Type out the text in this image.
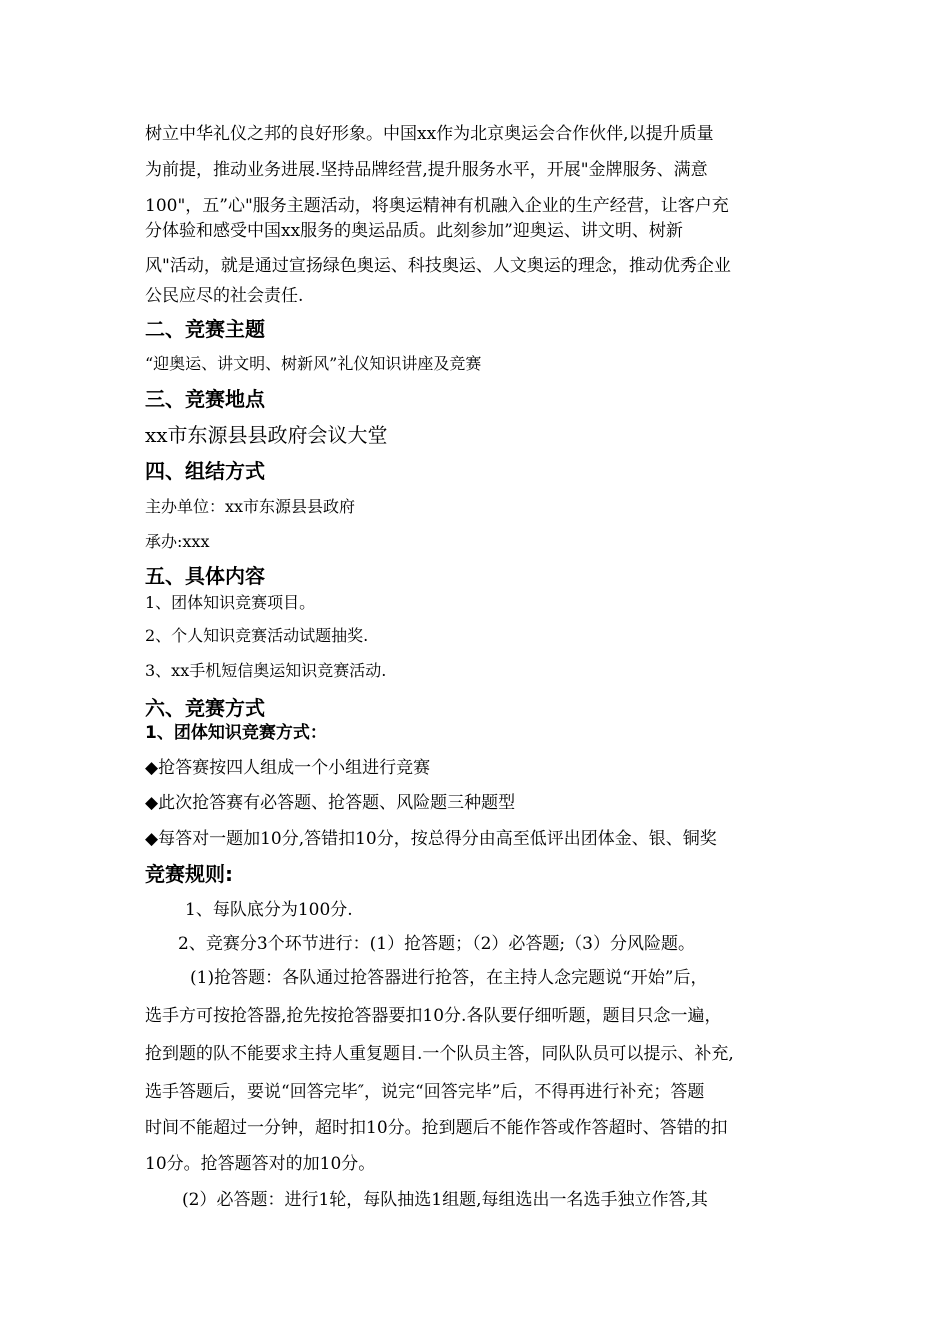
树立中华礼仪之邦的良好形象。中国xx作为北京奥运会合作伙伴,以提升质量
为前提，推动业务进展.坚持品牌经营,提升服务水平，开展"金牌服务、满意
100"，五”心"服务主题活动，将奥运精神有机融入企业的生产经营，让客户充
分体验和感受中国xx服务的奥运品质。此刻参加”迎奥运、讲文明、树新
风"活动，就是通过宣扬绿色奥运、科技奥运、人文奥运的理念，推动优秀企业
公民应尽的社会责任.
二、竞赛主题
“迎奥运、讲文明、树新风”礼仪知识讲座及竞赛
三、竞赛地点
xx市东源县县政府会议大堂
四、组结方式
主办单位：xx市东源县县政府
承办:xxx
五、具体内容
1、团体知识竞赛项目。
2、个人知识竞赛活动试题抽奖.
3、xx手机短信奥运知识竞赛活动.
六、竞赛方式
1、团体知识竞赛方式：
◆抢答赛按四人组成一个小组进行竞赛
◆此次抢答赛有必答题、抢答题、风险题三种题型
◆每答对一题加10分,答错扣10分，按总得分由高至低评出团体金、银、铜奖
竞赛规则:
1、每队底分为100分.
2、竞赛分3个环节进行：(1）抢答题；（2）必答题;（3）分风险题。
(1)抢答题：各队通过抢答器进行抢答，在主持人念完题说“开始”后，
选手方可按抢答器,抢先按抢答器要扣10分.各队要仔细听题，题目只念一遍，
抢到题的队不能要求主持人重复题目.一个队员主答，同队队员可以提示、补充,
选手答题后，要说“回答完毕″，说完“回答完毕”后，不得再进行补充；答题
时间不能超过一分钟，超时扣10分。抢到题后不能作答或作答超时、答错的扣
10分。抢答题答对的加10分。
(2）必答题：进行1轮，每队抽选1组题,每组选出一名选手独立作答,其
